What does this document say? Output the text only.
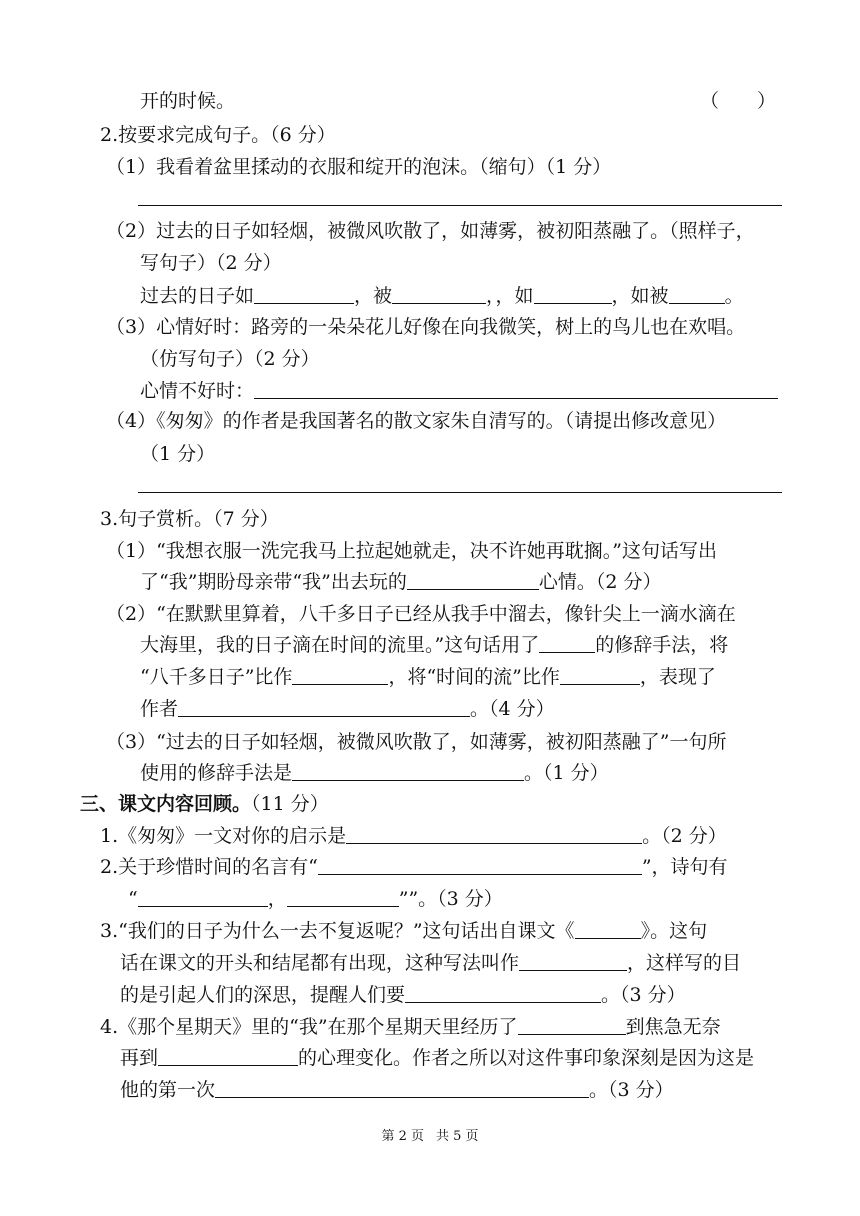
开的时候。	（　　）
2.按要求完成句子。（6 分）
（1）我看着盆里揉动的衣服和绽开的泡沫。（缩句）（1 分）
（2）过去的日子如轻烟，被微风吹散了，如薄雾，被初阳蒸融了。（照样子，
写句子）（2 分）
过去的日子如	，被	，，如	，如被	。
（3）心情好时：路旁的一朵朵花儿好像在向我微笑，树上的鸟儿也在欢唱。
（仿写句子）（2 分）
心情不好时：
（4）《匆匆》的作者是我国著名的散文家朱自清写的。（请提出修改意见）
（1 分）
3.句子赏析。（7 分）
（1）“我想衣服一洗完我马上拉起她就走，决不许她再耽搁。”这句话写出
了“我”期盼母亲带“我”出去玩的	心情。（2 分）
（2）“在默默里算着，八千多日子已经从我手中溜去，像针尖上一滴水滴在
大海里，我的日子滴在时间的流里。”这句话用了	的修辞手法，将
“八千多日子”比作	，将“时间的流”比作	，表现了
作者	。（4 分）
（3）“过去的日子如轻烟，被微风吹散了，如薄雾，被初阳蒸融了”一句所
使用的修辞手法是	。（1 分）
三、课文内容回顾。（11 分）
1.《匆匆》一文对你的启示是	。（2 分）
2.关于珍惜时间的名言有“	”，诗句有
“	，	””。（3 分）
3.“我们的日子为什么一去不复返呢？”这句话出自课文《	》。这句
话在课文的开头和结尾都有出现，这种写法叫作	，这样写的目
的是引起人们的深思，提醒人们要	。（3 分）
4.《那个星期天》里的“我”在那个星期天里经历了	到焦急无奈
再到	的心理变化。作者之所以对这件事印象深刻是因为这是
他的第一次	。（3 分）
第 2 页 共 5 页
